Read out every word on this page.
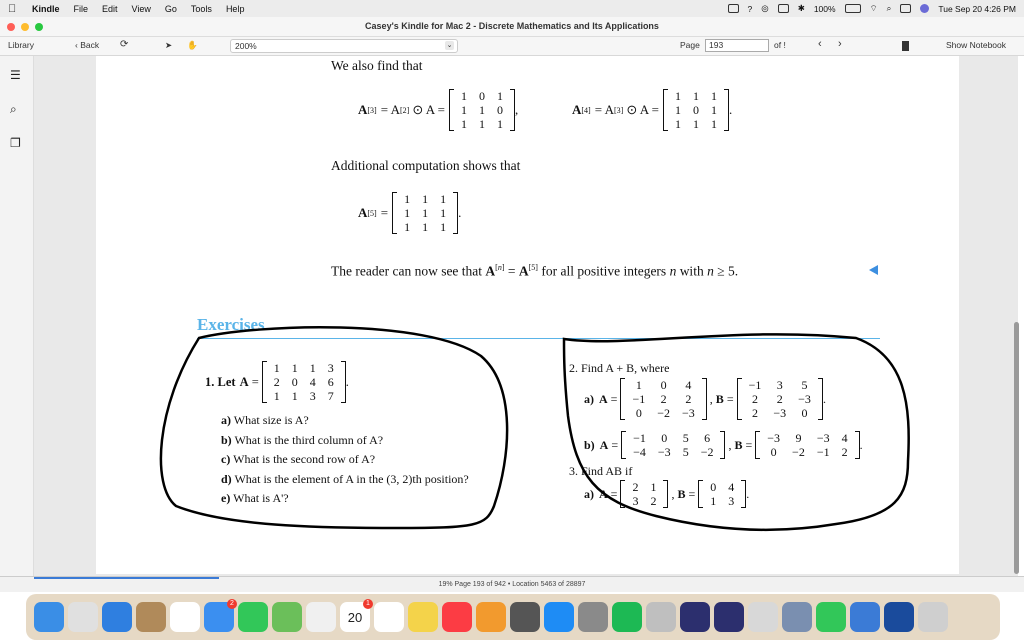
Kindle File Edit View Go Tools Help	? ◎	✱ 100%	⌔ ⌕	Tue Sep 20 4:26 PM
Casey's Kindle for Mac 2 - Discrete Mathematics and Its Applications
Library	‹ Back ⟳	➤ ✋	200%	⌄	Page	193	of !	‹ ›	Show Notebook
☰
⌕
❐
We also find that
A [3] = A [2] ⊙ A =
1	0	1
1	1	0
1	1	1
,	A [4] = A [3] ⊙ A =
1	1	1
1	0	1
1	1	1
.
Additional computation shows that
A [5] =
1	1	1
1	1	1
1	1	1
.
The reader can now see that A[n] = A[5] for all positive integers n with n ≥ 5.
Exercises
1. Let A =
1	1	1	3
2	0	4	6
1	1	3	7
.
a) What size is A?
b) What is the third column of A?
c) What is the second row of A?
d) What is the element of A in the (3, 2)th position?
e) What is A'?
2. Find A + B, where
a) A =
1	0	4
−1	2	2
0	−2	−3
, B =
−1	3	5
2	2	−3
2	−3	0
.
b) A = −1	0	5	6
−4	−3	5	−2
, B = −3	9	−3	4
0	−2	−1	2
.
3. Find AB if
a) A = 2	1
3	2
, B = 0	4
1	3
.
19% Page 193 of 942 • Location 5463 of 28897
2
20
1
